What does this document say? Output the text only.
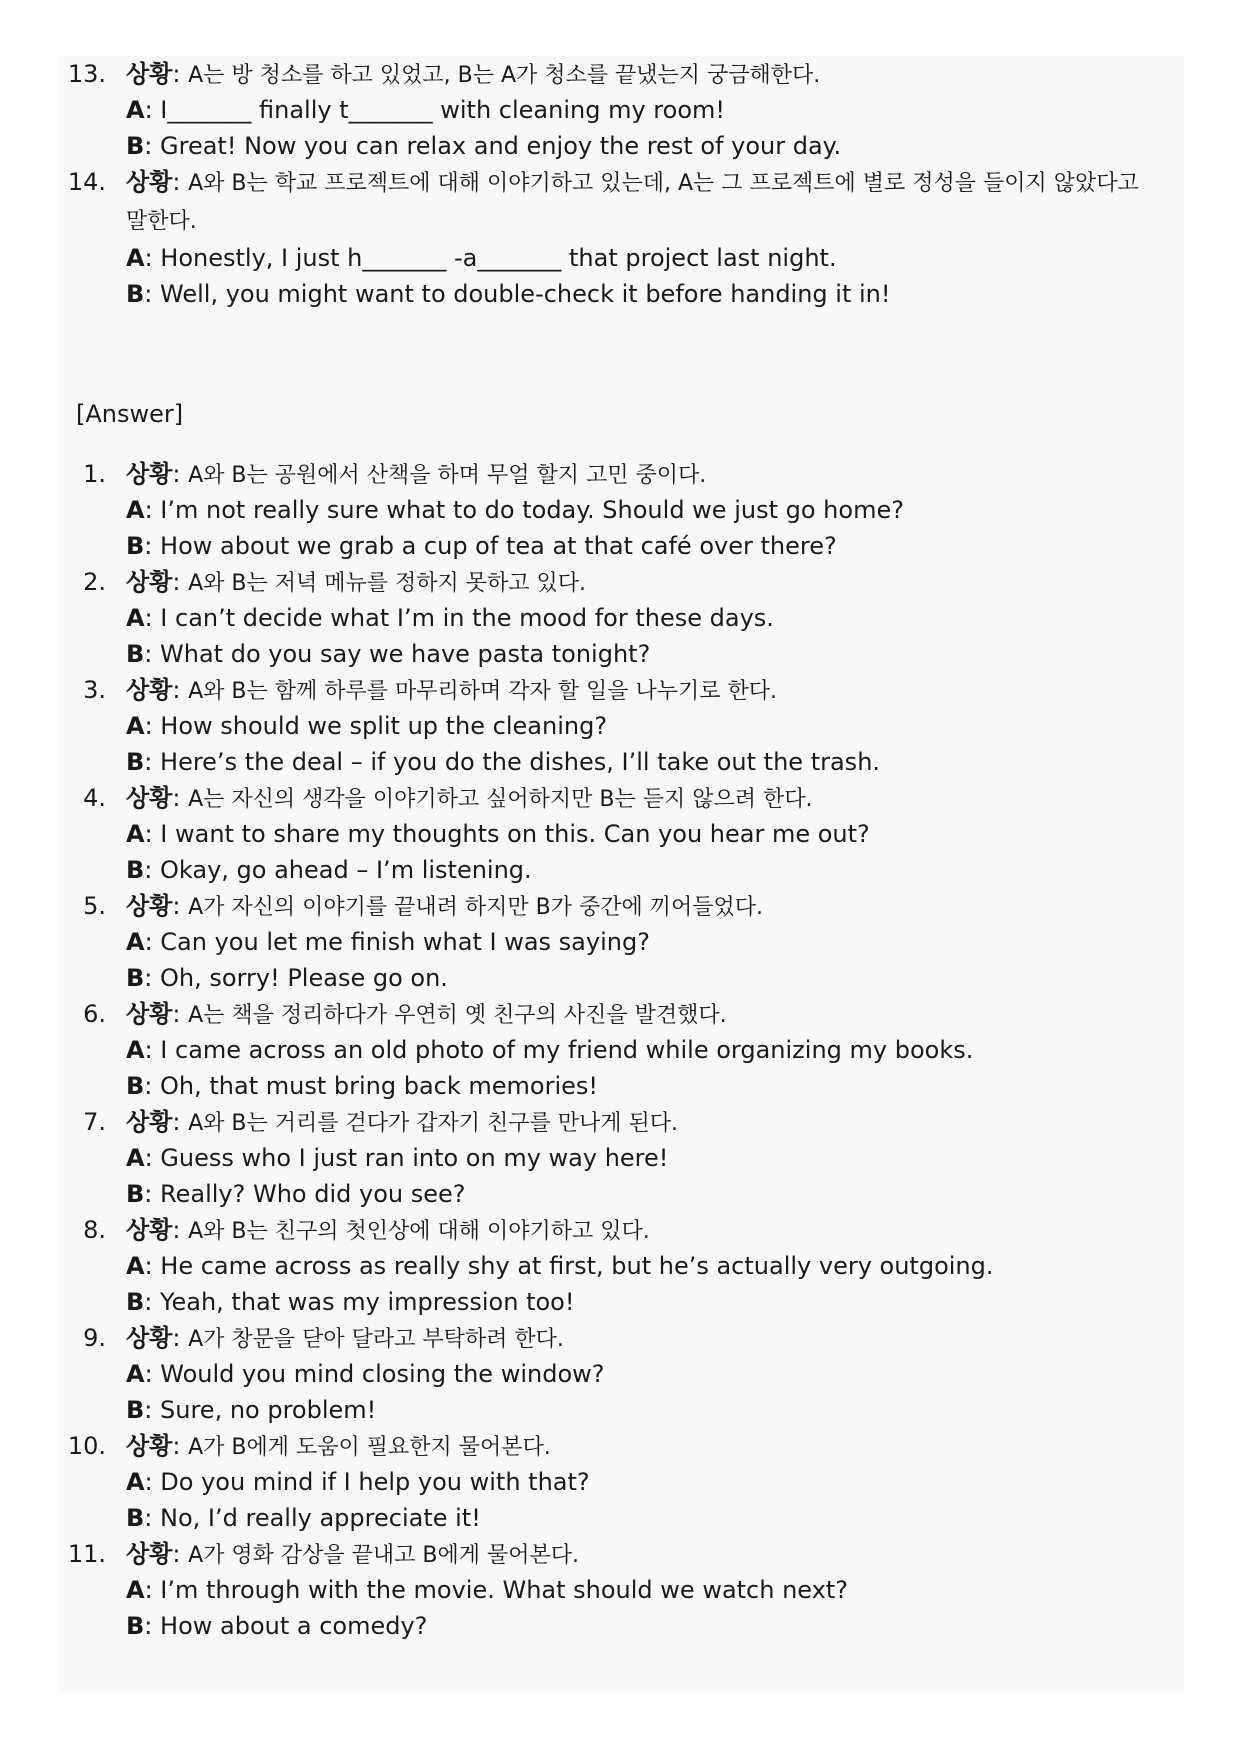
13. 상황: A는 방 청소를 하고 있었고, B는 A가 청소를 끝냈는지 궁금해한다.
A: I_______ finally t_______ with cleaning my room!
B: Great! Now you can relax and enjoy the rest of your day.
14. 상황: A와 B는 학교 프로젝트에 대해 이야기하고 있는데, A는 그 프로젝트에 별로 정성을 들이지 않았다고 말한다.
A: Honestly, I just h_______ -a_______ that project last night.
B: Well, you might want to double-check it before handing it in!
[Answer]
1. 상황: A와 B는 공원에서 산책을 하며 무얼 할지 고민 중이다.
A: I’m not really sure what to do today. Should we just go home?
B: How about we grab a cup of tea at that café over there?
2. 상황: A와 B는 저녁 메뉴를 정하지 못하고 있다.
A: I can’t decide what I’m in the mood for these days.
B: What do you say we have pasta tonight?
3. 상황: A와 B는 함께 하루를 마무리하며 각자 할 일을 나누기로 한다.
A: How should we split up the cleaning?
B: Here’s the deal – if you do the dishes, I’ll take out the trash.
4. 상황: A는 자신의 생각을 이야기하고 싶어하지만 B는 듣지 않으려 한다.
A: I want to share my thoughts on this. Can you hear me out?
B: Okay, go ahead – I’m listening.
5. 상황: A가 자신의 이야기를 끝내려 하지만 B가 중간에 끼어들었다.
A: Can you let me finish what I was saying?
B: Oh, sorry! Please go on.
6. 상황: A는 책을 정리하다가 우연히 옛 친구의 사진을 발견했다.
A: I came across an old photo of my friend while organizing my books.
B: Oh, that must bring back memories!
7. 상황: A와 B는 거리를 걷다가 갑자기 친구를 만나게 된다.
A: Guess who I just ran into on my way here!
B: Really? Who did you see?
8. 상황: A와 B는 친구의 첫인상에 대해 이야기하고 있다.
A: He came across as really shy at first, but he’s actually very outgoing.
B: Yeah, that was my impression too!
9. 상황: A가 창문을 닫아 달라고 부탁하려 한다.
A: Would you mind closing the window?
B: Sure, no problem!
10. 상황: A가 B에게 도움이 필요한지 물어본다.
A: Do you mind if I help you with that?
B: No, I’d really appreciate it!
11. 상황: A가 영화 감상을 끝내고 B에게 물어본다.
A: I’m through with the movie. What should we watch next?
B: How about a comedy?
